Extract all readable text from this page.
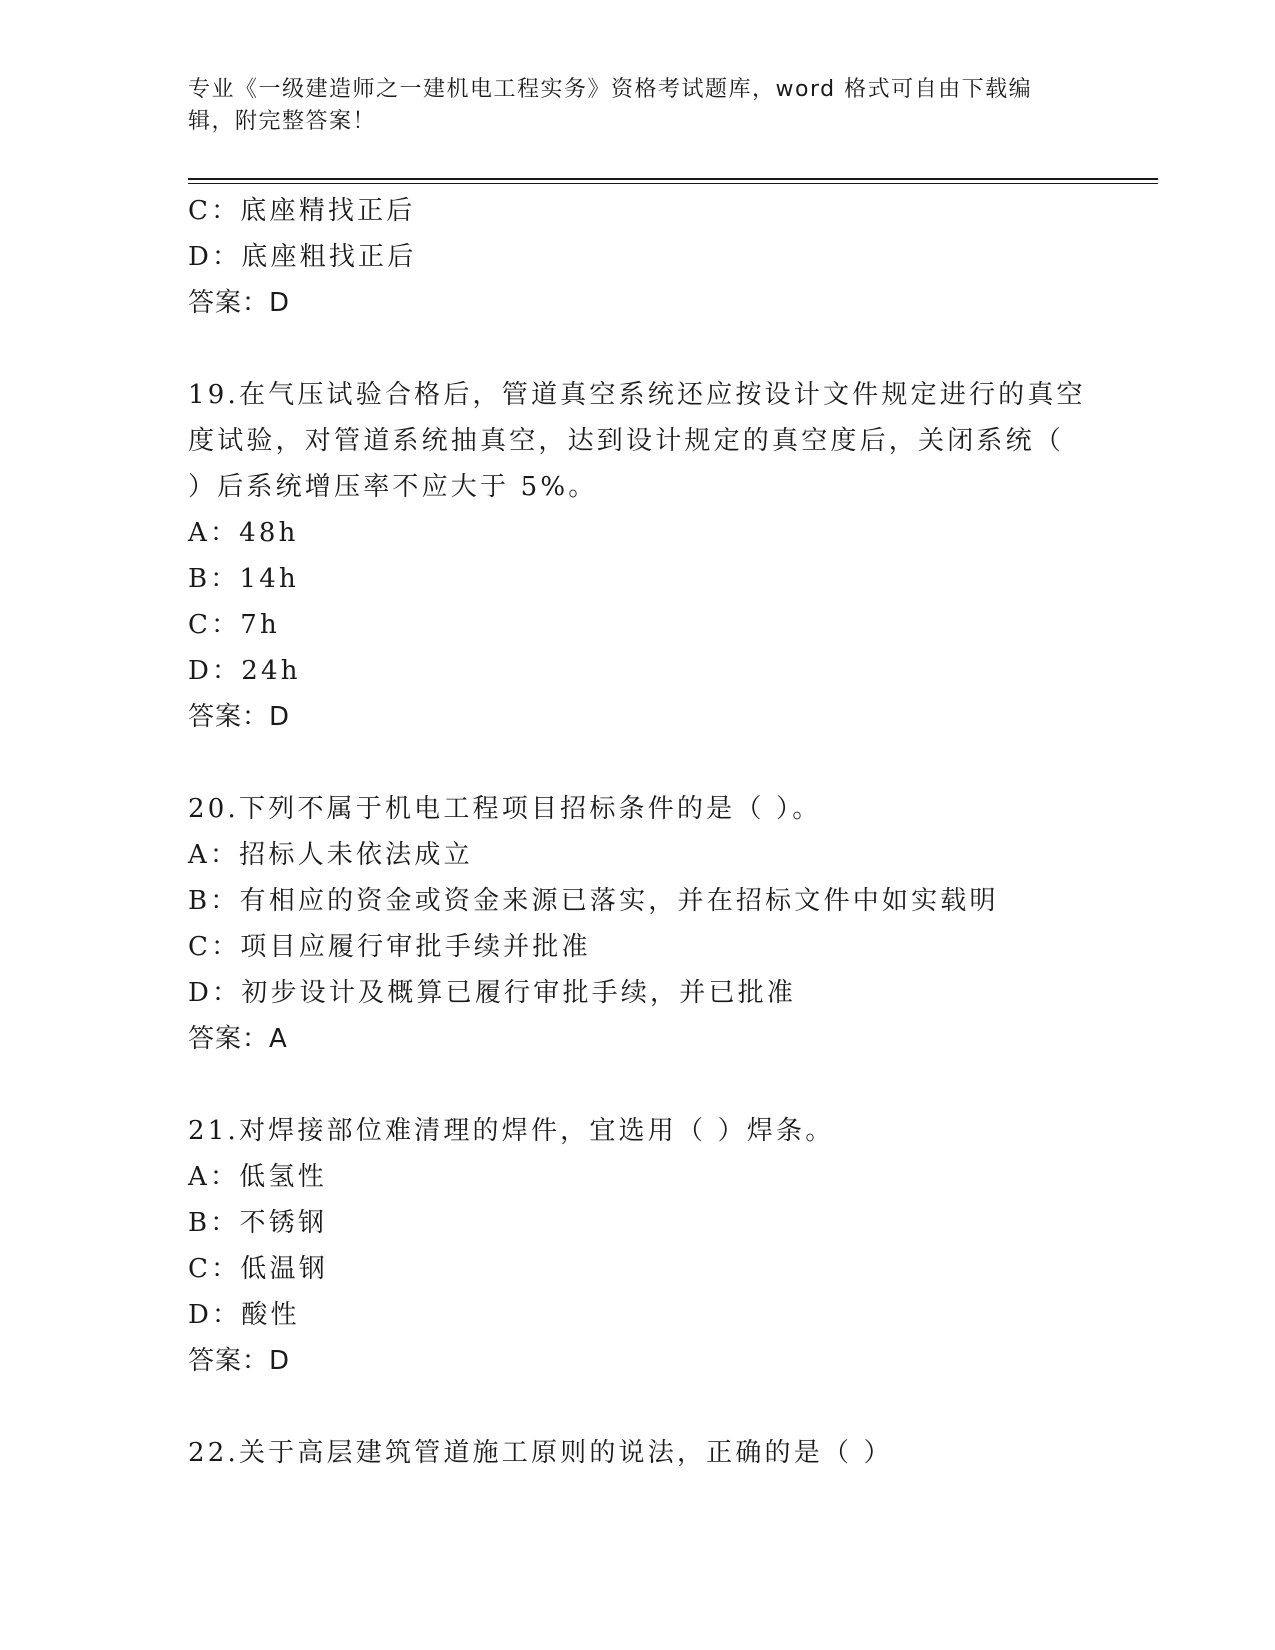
专业《一级建造师之一建机电工程实务》资格考试题库，word 格式可自由下载编
辑，附完整答案！
C：底座精找正后
D：底座粗找正后
答案：D
19.在气压试验合格后，管道真空系统还应按设计文件规定进行的真空
度试验，对管道系统抽真空，达到设计规定的真空度后，关闭系统（
）后系统增压率不应大于 5%。
A：48h
B：14h
C：7h
D：24h
答案：D
20.下列不属于机电工程项目招标条件的是（ ）。
A：招标人未依法成立
B：有相应的资金或资金来源已落实，并在招标文件中如实载明
C：项目应履行审批手续并批准
D：初步设计及概算已履行审批手续，并已批准
答案：A
21.对焊接部位难清理的焊件，宜选用（ ）焊条。
A：低氢性
B：不锈钢
C：低温钢
D：酸性
答案：D
22.关于高层建筑管道施工原则的说法，正确的是（ ）
